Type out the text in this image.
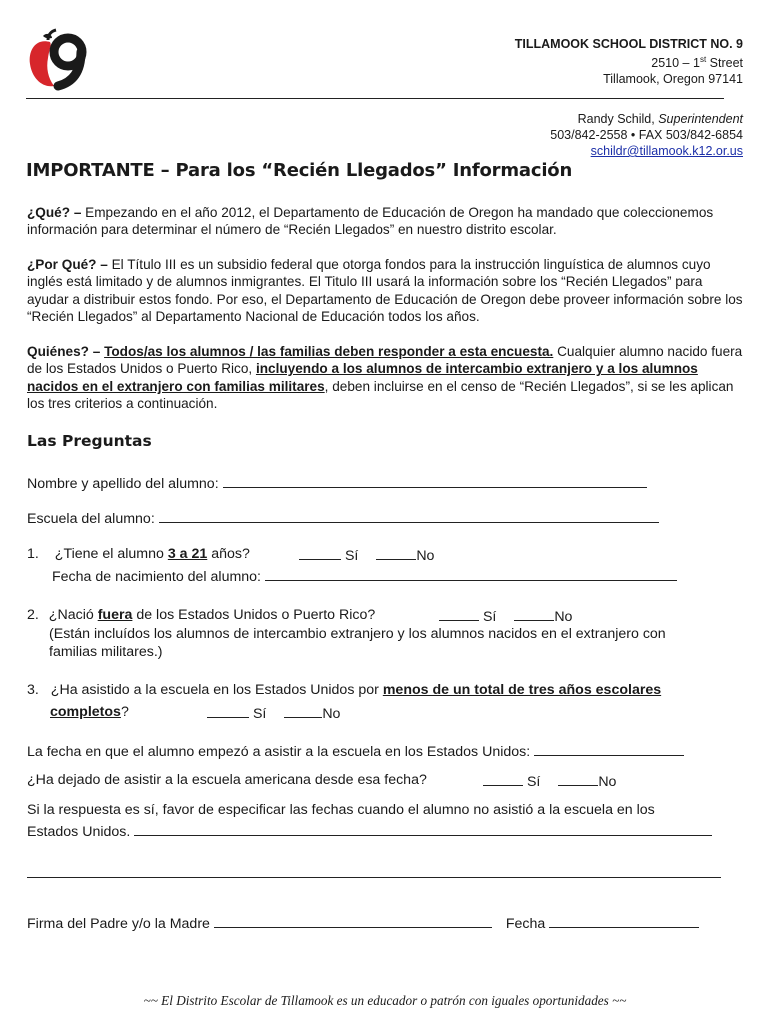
TILLAMOOK SCHOOL DISTRICT NO. 9
2510 – 1st Street
Tillamook, Oregon 97141
Randy Schild, Superintendent
503/842-2558 • FAX 503/842-6854
schildr@tillamook.k12.or.us
IMPORTANTE – Para los “Recién Llegados” Información
¿Qué? – Empezando en el año 2012, el Departamento de Educación de Oregon ha mandado que coleccionemos información para determinar el número de “Recién Llegados” en nuestro distrito escolar.
¿Por Qué? – El Título III es un subsidio federal que otorga fondos para la instrucción linguística de alumnos cuyo inglés está limitado y de alumnos inmigrantes. El Titulo III usará la información sobre los “Recién Llegados” para ayudar a distribuir estos fondo. Por eso, el Departamento de Educación de Oregon debe proveer información sobre los “Recién Llegados” al Departamento Nacional de Educación todos los años.
Quiénes? – Todos/as los alumnos / las familias deben responder a esta encuesta. Cualquier alumno nacido fuera de los Estados Unidos o Puerto Rico, incluyendo a los alumnos de intercambio extranjero y a los alumnos nacidos en el extranjero con familias militares, deben incluirse en el censo de “Recién Llegados”, si se les aplican los tres criterios a continuación.
Las Preguntas
Nombre y apellido del alumno:
Escuela del alumno:
1. ¿Tiene el alumno 3 a 21 años?	Sí	No
Fecha de nacimiento del alumno:
2. ¿Nació fuera de los Estados Unidos o Puerto Rico?	Sí	No
(Están incluídos los alumnos de intercambio extranjero y los alumnos nacidos en el extranjero con
familias militares.)
3. ¿Ha asistido a la escuela en los Estados Unidos por menos de un total de tres años escolares
completos?	Sí	No
La fecha en que el alumno empezó a asistir a la escuela en los Estados Unidos:
¿Ha dejado de asistir a la escuela americana desde esa fecha?	Sí	No
Si la respuesta es sí, favor de especificar las fechas cuando el alumno no asistió a la escuela en los
Estados Unidos.
Firma del Padre y/o la Madre	Fecha
~~ El Distrito Escolar de Tillamook es un educador o patrón con iguales oportunidades ~~
